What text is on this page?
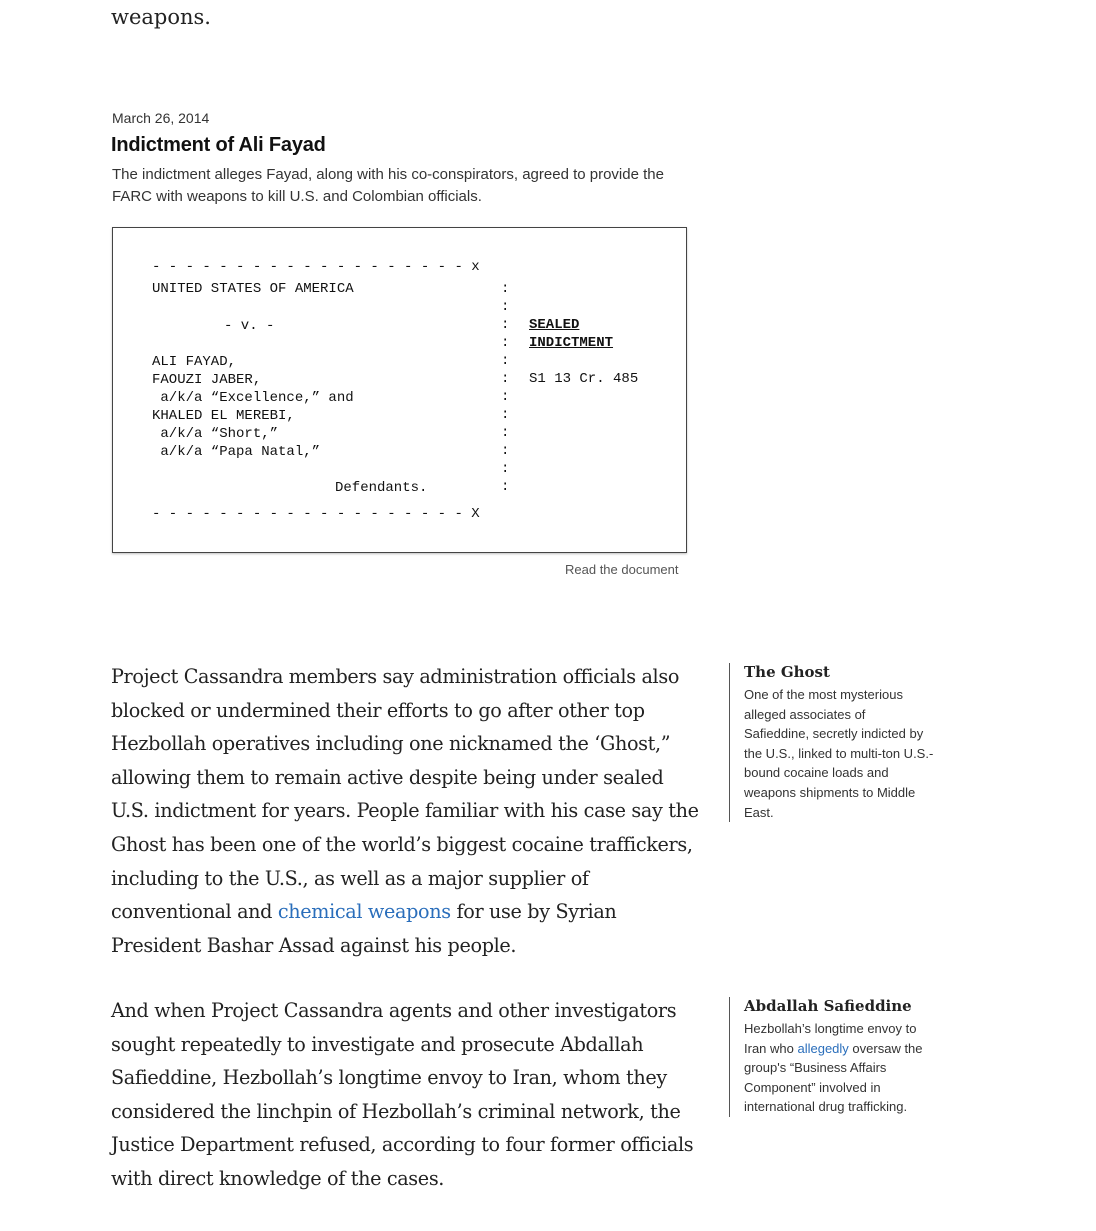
weapons.
March 26, 2014
Indictment of Ali Fayad
The indictment alleges Fayad, along with his co-conspirators, agreed to provide the FARC with weapons to kill U.S. and Colombian officials.
- - - - - - - - - - - - - - - - - - - x
UNITED STATES OF AMERICA
- v. -
ALI FAYAD,
FAOUZI JABER,
a/k/a “Excellence,” and
KHALED EL MEREBI,
a/k/a “Short,”
a/k/a “Papa Natal,”
Defendants.
:
:
:
:
:
:
:
:
:
:
:
:
SEALED
INDICTMENT
S1 13 Cr. 485
- - - - - - - - - - - - - - - - - - - X
Read the document
Project Cassandra members say administration officials also blocked or undermined their efforts to go after other top Hezbollah operatives including one nicknamed the ‘Ghost,” allowing them to remain active despite being under sealed U.S. indictment for years. People familiar with his case say the Ghost has been one of the world’s biggest cocaine traffickers, including to the U.S., as well as a major supplier of conventional and chemical weapons for use by Syrian President Bashar Assad against his people.
And when Project Cassandra agents and other investigators sought repeatedly to investigate and prosecute Abdallah Safieddine, Hezbollah’s longtime envoy to Iran, whom they considered the linchpin of Hezbollah’s criminal network, the Justice Department refused, according to four former officials with direct knowledge of the cases.
The Ghost
One of the most mysterious alleged associates of Safieddine, secretly indicted by the U.S., linked to multi-ton U.S.-bound cocaine loads and weapons shipments to Middle East.
Abdallah Safieddine
Hezbollah’s longtime envoy to Iran who allegedly oversaw the group's “Business Affairs Component” involved in international drug trafficking.
